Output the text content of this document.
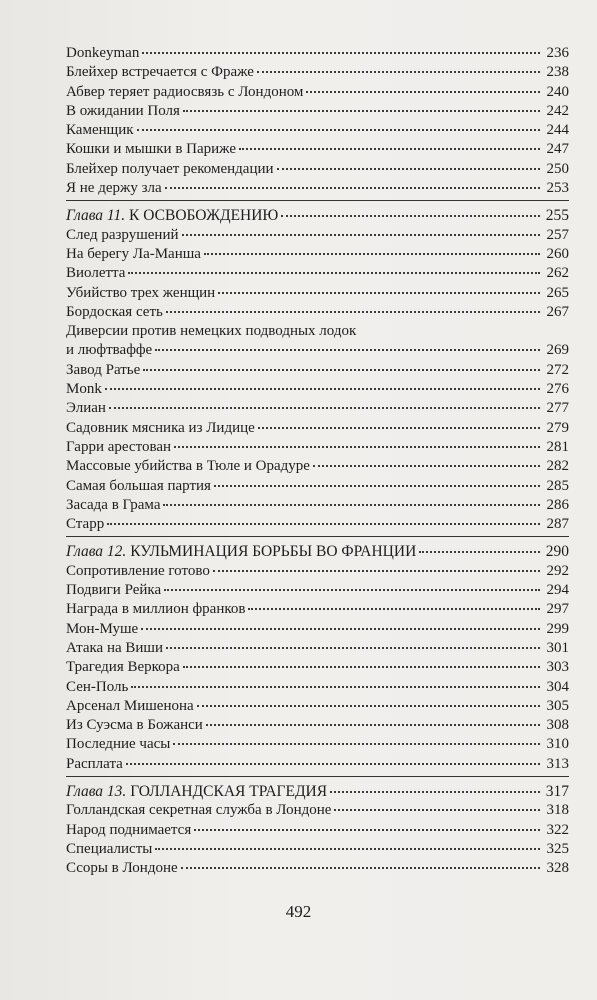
Donkeyman	236
Блейхер встречается с Фраже	238
Абвер теряет радиосвязь с Лондоном	240
В ожидании Поля	242
Каменщик	244
Кошки и мышки в Париже	247
Блейхер получает рекомендации	250
Я не держу зла	253
Глава 11. К ОСВОБОЖДЕНИЮ	255
След разрушений	257
На берегу Ла-Манша	260
Виолетта	262
Убийство трех женщин	265
Бордоская сеть	267
Диверсии против немецких подводных лодок
и люфтваффе	269
Завод Ратье	272
Monk	276
Элиан	277
Садовник мясника из Лидице	279
Гарри арестован	281
Массовые убийства в Тюле и Орадуре	282
Самая большая партия	285
Засада в Грама	286
Старр	287
Глава 12. КУЛЬМИНАЦИЯ БОРЬБЫ ВО ФРАНЦИИ	290
Сопротивление готово	292
Подвиги Рейка	294
Награда в миллион франков	297
Мон-Муше	299
Атака на Виши	301
Трагедия Веркора	303
Сен-Поль	304
Арсенал Мишенона	305
Из Суэсма в Божанси	308
Последние часы	310
Расплата	313
Глава 13. ГОЛЛАНДСКАЯ ТРАГЕДИЯ	317
Голландская секретная служба в Лондоне	318
Народ поднимается	322
Специалисты	325
Ссоры в Лондоне	328
492
